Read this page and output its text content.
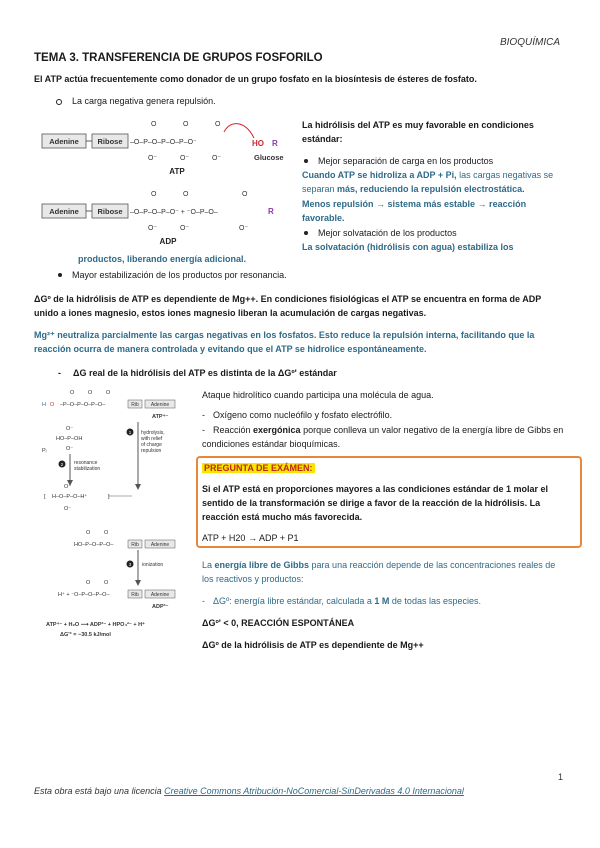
BIOQUÍMICA
TEMA 3. TRANSFERENCIA DE GRUPOS FOSFORILO
El ATP actúa frecuentemente como donador de un grupo fosfato en la biosíntesis de ésteres de fosfato.
La carga negativa genera repulsión.
Adenine Ribose –O–P–O–P–O–P–O⁻
O	O	O
O⁻	O⁻	O⁻
ATP
HO R
Glucose
Adenine Ribose –O–P–O–P–O⁻ + ⁻O–P–O–
O	O	O
O⁻	O⁻	O⁻
R
ADP
La hidrólisis del ATP es muy favorable en condiciones estándar:
Mejor separación de carga en los productos
Cuando ATP se hidroliza a ADP + Pi, las cargas negativas se separan más, reduciendo la repulsión electrostática.
Menos repulsión → sistema más estable → reacción favorable.
Mejor solvatación de los productos
La solvatación (hidrólisis con agua) estabiliza los
productos, liberando energía adicional.
Mayor estabilización de los productos por resonancia.
ΔGº de la hidrólisis de ATP es dependiente de Mg++. En condiciones fisiológicas el ATP se encuentra en forma de ADP unido a iones magnesio, estos iones magnesio liberan la acumulación de cargas negativas.
Mg²⁺ neutraliza parcialmente las cargas negativas en los fosfatos. Esto reduce la repulsión interna, facilitando que la reacción ocurra de manera controlada y evitando que el ATP se hidrolice espontáneamente.
- ΔG real de la hidrólisis del ATP es distinta de la ΔGº' estándar
H O –P–O–P–O–P–O–
O O O
Rib Adenine
ATP⁴⁻
1 hydrolysis,
with relief
of charge
repulsion
O⁻
HO–P–OH
O⁻
Pᵢ
2 resonance
stabilization
[	]
H–O–P–O–H⁺
O⁻
O⁻
HO–P–O–P–O–
O O
Rib Adenine
3 ionization
H⁺ + ⁻O–P–O–P–O–
O O
Rib Adenine
ADP³⁻
ATP⁴⁻ + H₂O ⟶ ADP³⁻ + HPO₄²⁻ + H⁺
ΔG'° = −30.5 kJ/mol
Ataque hidrolítico cuando participa una molécula de agua.
- Oxígeno como nucleófilo y fosfato electrófilo.
- Reacción exergónica porque conlleva un valor negativo de la energía libre de Gibbs en condiciones estándar bioquímicas.
PREGUNTA DE EXÁMEN:
Si el ATP está en proporciones mayores a las condiciones estándar de 1 molar el sentido de la transformación se dirige a favor de la reacción de la hidrólisis. La reacción está mucho más favorecida.
ATP + H20 → ADP + P1
La energía libre de Gibbs para una reacción depende de las concentraciones reales de los reactivos y productos:
- ΔGº: energía libre estándar, calculada a 1 M de todas las especies.
ΔGº' < 0, REACCIÓN ESPONTÁNEA
ΔGº de la hidrólisis de ATP es dependiente de Mg++
1
Esta obra está bajo una licencia Creative Commons Atribución-NoComercial-SinDerivadas 4.0 Internacional
